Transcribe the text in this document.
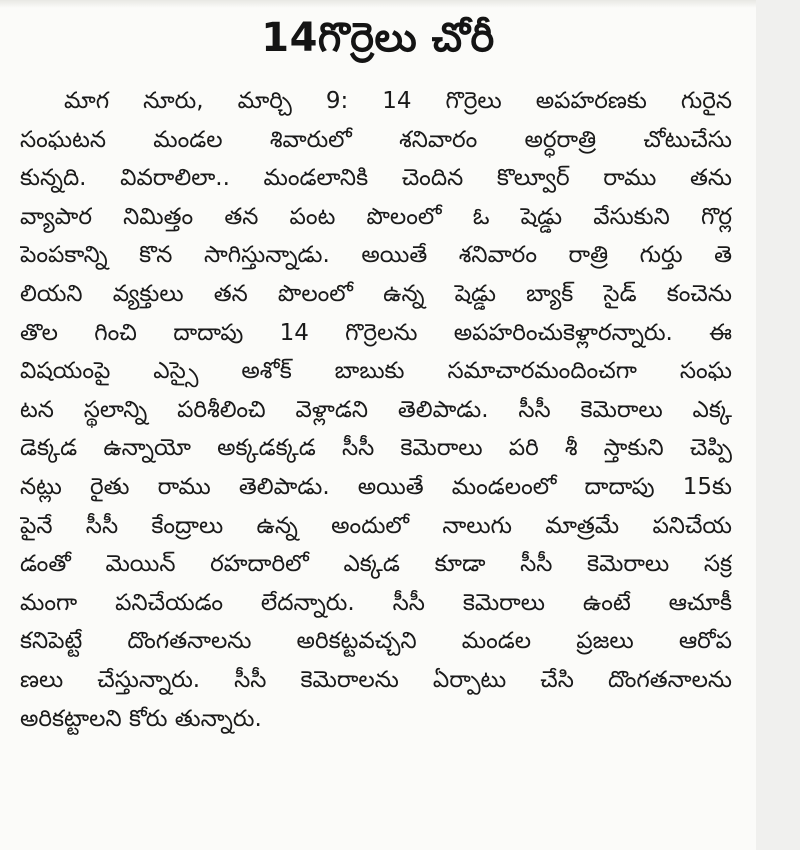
14గొర్రెలు చోరీ
మాగ నూరు, మార్చి 9: 14 గొర్రెలు అపహరణకు గురైన
సంఘటన మండల శివారులో శనివారం అర్ధరాత్రి చోటుచేసు
కున్నది. వివరాలిలా.. మండలానికి చెందిన కొల్వూర్ రాము తను
వ్యాపార నిమిత్తం తన పంట పొలంలో ఓ షెడ్డు వేసుకుని గొర్ల
పెంపకాన్ని కొన సాగిస్తున్నాడు. అయితే శనివారం రాత్రి గుర్తు తె
లియని వ్యక్తులు తన పొలంలో ఉన్న షెడ్డు బ్యాక్ సైడ్ కంచెను
తొల గించి దాదాపు 14 గొర్రెలను అపహరించుకెళ్లారన్నారు. ఈ
విషయంపై ఎస్సై అశోక్ బాబుకు సమాచారమందించగా సంఘ
టన స్థలాన్ని పరిశీలించి వెళ్లాడని తెలిపాడు. సీసీ కెమెరాలు ఎక్క
డెక్కడ ఉన్నాయో అక్కడక్కడ సీసీ కెమెరాలు పరి శీ స్తాకుని చెప్పి
నట్లు రైతు రాము తెలిపాడు. అయితే మండలంలో దాదాపు 15కు
పైనే సీసీ కేంద్రాలు ఉన్న అందులో నాలుగు మాత్రమే పనిచేయ
డంతో మెయిన్ రహదారిలో ఎక్కడ కూడా సీసీ కెమెరాలు సక్ర
మంగా పనిచేయడం లేదన్నారు. సీసీ కెమెరాలు ఉంటే ఆచూకీ
కనిపెట్టే దొంగతనాలను అరికట్టవచ్చని మండల ప్రజలు ఆరోప
ణలు చేస్తున్నారు. సీసీ కెమెరాలను ఏర్పాటు చేసి దొంగతనాలను
అరికట్టాలని కోరు తున్నారు.
